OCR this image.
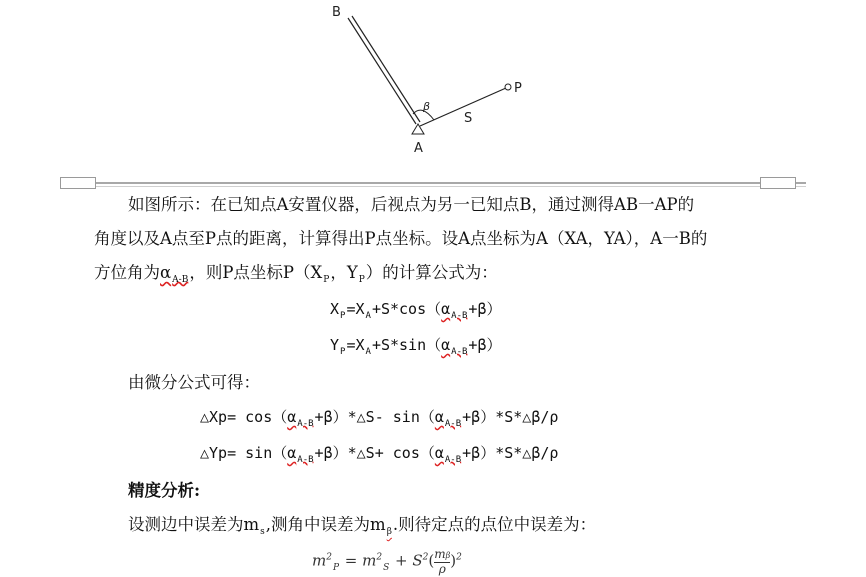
B
A
P
S
β
如图所示：在已知点A安置仪器，后视点为另一已知点B，通过测得AB一AP的
角度以及A点至P点的距离，计算得出P点坐标。设A点坐标为A（XA，YA），A一B的
方位角为$\alpha_{A-B}$，则P点坐标$P(X_P$，$Y_P$）的计算公式为：
$X_P=X_A+S*\cos(\alpha_{A-B}+\beta)$
$Y_P=X_A+S*\sin(\alpha_{A-B}+\beta)$
由微分公式可得：
△Xp= $\cos(\alpha_{A-B}+\beta)*\triangle S-$ $\sin(\alpha_{A-B}+\beta)*S*\triangle\beta/\rho$
△Yp= $\sin(\alpha_{A-B}+\beta)*\triangle S+$ $\cos(\alpha_{A-B}+\beta)*S*\triangle\beta/\rho$
精度分析:
设测边中误差为$m_s$,测角中误差为$m_\beta$.则待定点的点位中误差为：
$m^2_P = m^2_S + S^2( \frac{m\beta}{\rho} )^2$
